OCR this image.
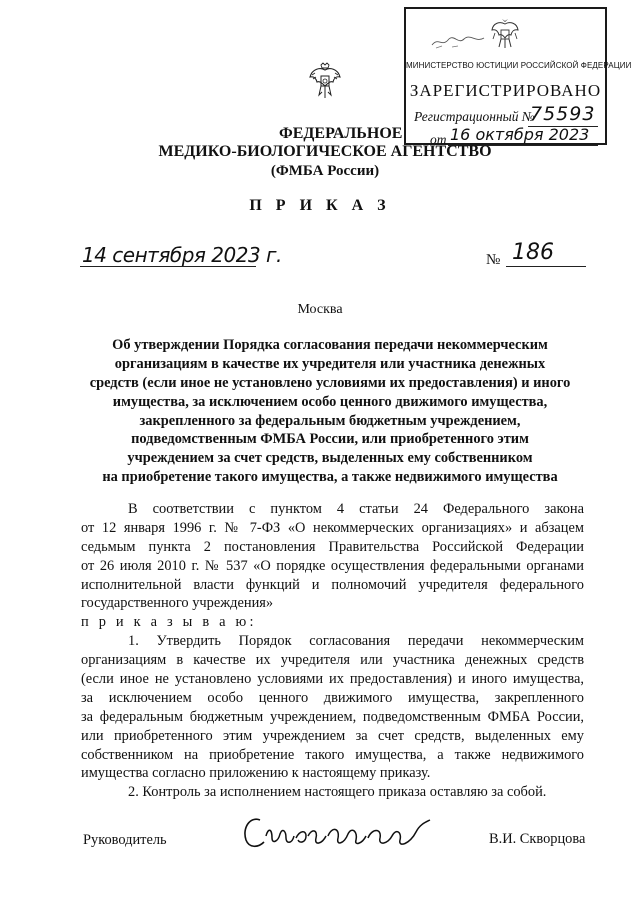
МИНИСТЕРСТВО ЮСТИЦИИ РОССИЙСКОЙ ФЕДЕРАЦИИ
ЗАРЕГИСТРИРОВАНО
Регистрационный №
75593
от 16 октября 2023
ФЕДЕРАЛЬНОЕ
МЕДИКО-БИОЛОГИЧЕСКОЕ АГЕНТСТВО
(ФМБА России)
П Р И К А З
14 сентября 2023 г.	№ 186
Москва
Об утверждении Порядка согласования передачи некоммерческим
организациям в качестве их учредителя или участника денежных
средств (если иное не установлено условиями их предоставления) и иного
имущества, за исключением особо ценного движимого имущества,
закрепленного за федеральным бюджетным учреждением,
подведомственным ФМБА России, или приобретенного этим
учреждением за счет средств, выделенных ему собственником
на приобретение такого имущества, а также недвижимого имущества
В соответствии с пунктом 4 статьи 24 Федерального закона
от 12 января 1996 г. № 7-ФЗ «О некоммерческих организациях» и абзацем
седьмым пункта 2 постановления Правительства Российской Федерации
от 26 июля 2010 г. № 537 «О порядке осуществления федеральными органами
исполнительной власти функций и полномочий учредителя федерального
государственного учреждения»
п р и к а з ы в а ю:
1. Утвердить Порядок согласования передачи некоммерческим
организациям в качестве их учредителя или участника денежных средств
(если иное не установлено условиями их предоставления) и иного имущества,
за исключением особо ценного движимого имущества, закрепленного
за федеральным бюджетным учреждением, подведомственным ФМБА России,
или приобретенного этим учреждением за счет средств, выделенных ему
собственником на приобретение такого имущества, а также недвижимого
имущества согласно приложению к настоящему приказу.
2. Контроль за исполнением настоящего приказа оставляю за собой.
Руководитель	В.И. Скворцова
